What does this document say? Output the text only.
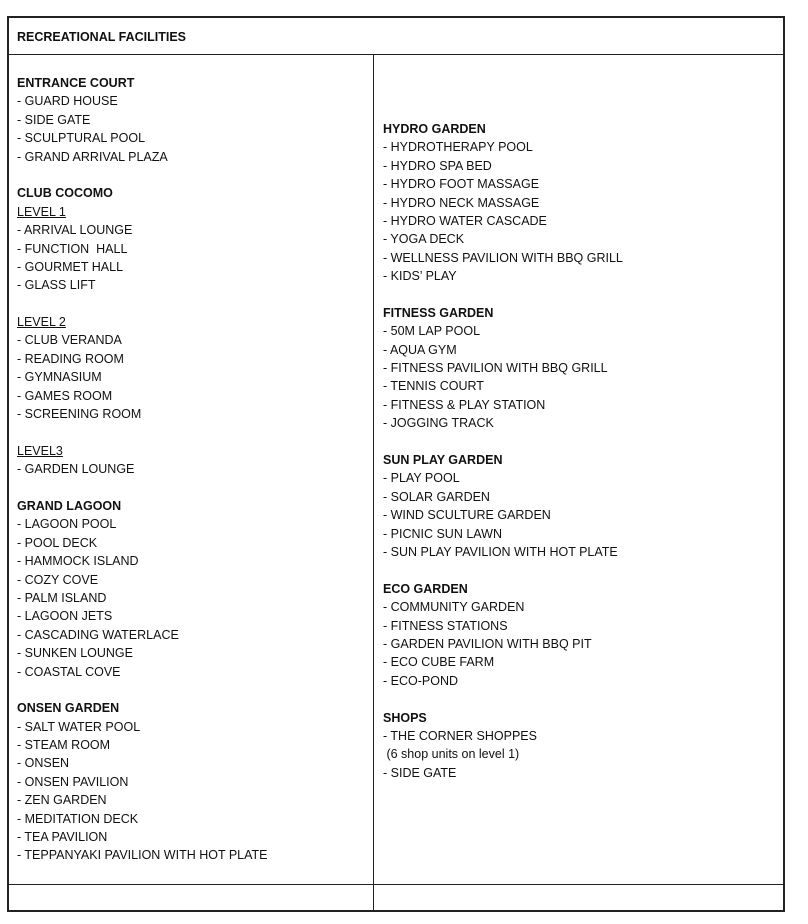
RECREATIONAL FACILITIES
ENTRANCE COURT
- GUARD HOUSE
- SIDE GATE
- SCULPTURAL POOL
- GRAND ARRIVAL PLAZA
CLUB COCOMO
LEVEL 1
- ARRIVAL LOUNGE
- FUNCTION  HALL
- GOURMET HALL
- GLASS LIFT
LEVEL 2
- CLUB VERANDA
- READING ROOM
- GYMNASIUM
- GAMES ROOM
- SCREENING ROOM
LEVEL3
- GARDEN LOUNGE
GRAND LAGOON
- LAGOON POOL
- POOL DECK
- HAMMOCK ISLAND
- COZY COVE
- PALM ISLAND
- LAGOON JETS
- CASCADING WATERLACE
- SUNKEN LOUNGE
- COASTAL COVE
ONSEN GARDEN
- SALT WATER POOL
- STEAM ROOM
- ONSEN
- ONSEN PAVILION
- ZEN GARDEN
- MEDITATION DECK
- TEA PAVILION
- TEPPANYAKI PAVILION WITH HOT PLATE
HYDRO GARDEN
- HYDROTHERAPY POOL
- HYDRO SPA BED
- HYDRO FOOT MASSAGE
- HYDRO NECK MASSAGE
- HYDRO WATER CASCADE
- YOGA DECK
- WELLNESS PAVILION WITH BBQ GRILL
- KIDS’ PLAY
FITNESS GARDEN
- 50M LAP POOL
- AQUA GYM
- FITNESS PAVILION WITH BBQ GRILL
- TENNIS COURT
- FITNESS & PLAY STATION
- JOGGING TRACK
SUN PLAY GARDEN
- PLAY POOL
- SOLAR GARDEN
- WIND SCULTURE GARDEN
- PICNIC SUN LAWN
- SUN PLAY PAVILION WITH HOT PLATE
ECO GARDEN
- COMMUNITY GARDEN
- FITNESS STATIONS
- GARDEN PAVILION WITH BBQ PIT
- ECO CUBE FARM
- ECO-POND
SHOPS
- THE CORNER SHOPPES
(6 shop units on level 1)
- SIDE GATE
